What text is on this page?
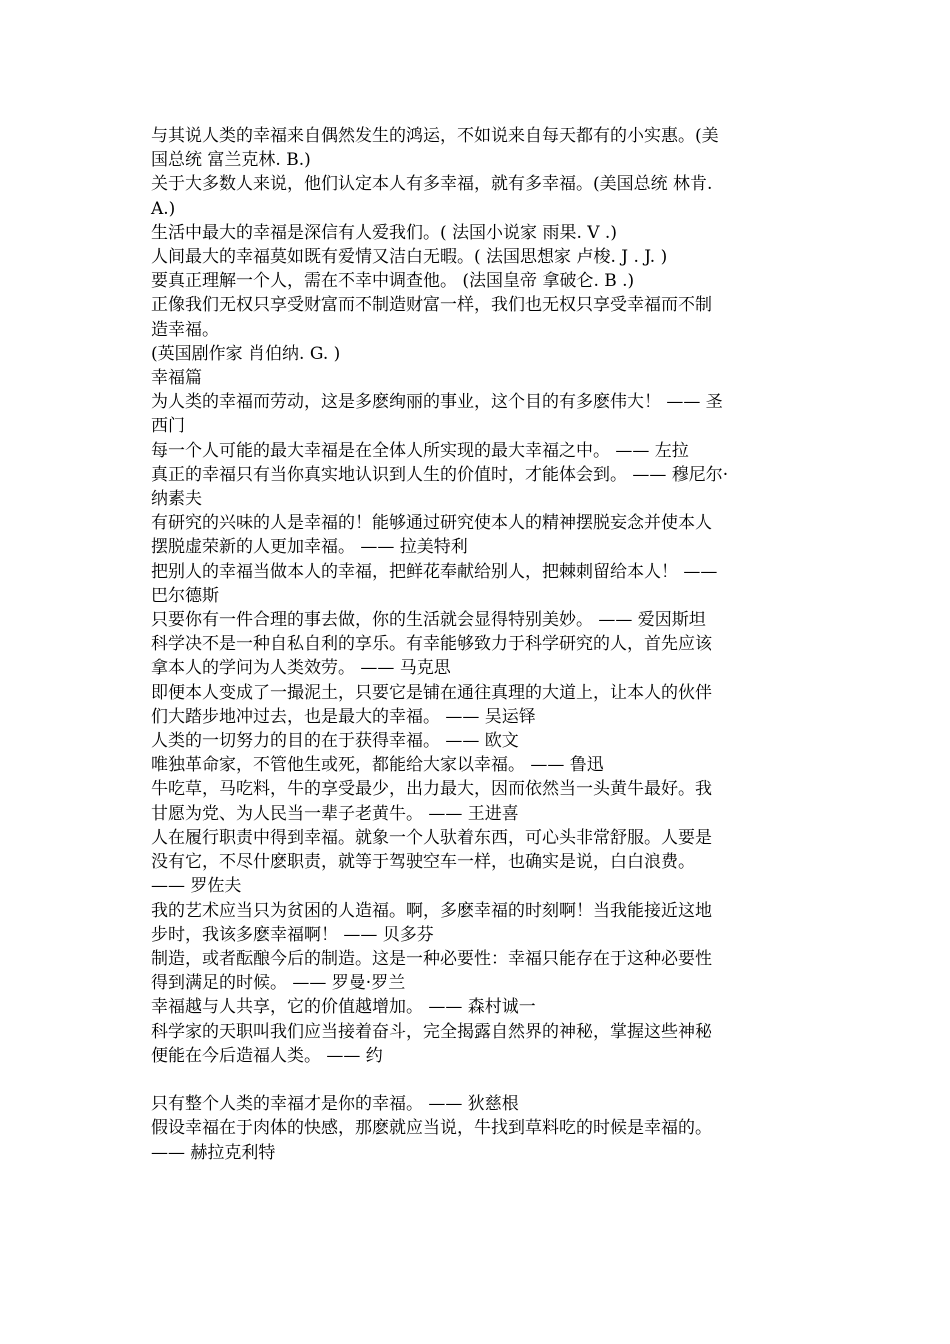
与其说人类的幸福来自偶然发生的鸿运，不如说来自每天都有的小实惠。(美
国总统 富兰克林. B.)

关于大多数人来说，他们认定本人有多幸福，就有多幸福。(美国总统 林肯.
A.)

生活中最大的幸福是深信有人爱我们。( 法国小说家 雨果. V .)

人间最大的幸福莫如既有爱情又洁白无暇。( 法国思想家 卢梭. J . J. )

要真正理解一个人，需在不幸中调查他。 (法国皇帝 拿破仑. B .)

正像我们无权只享受财富而不制造财富一样，我们也无权只享受幸福而不制
造幸福。

(英国剧作家 肖伯纳. G. )

幸福篇

为人类的幸福而劳动，这是多麽绚丽的事业，这个目的有多麽伟大！ —— 圣
西门

每一个人可能的最大幸福是在全体人所实现的最大幸福之中。 —— 左拉

真正的幸福只有当你真实地认识到人生的价值时，才能体会到。 —— 穆尼尔·
纳素夫

有研究的兴味的人是幸福的！能够通过研究使本人的精神摆脱妄念并使本人
摆脱虚荣新的人更加幸福。 —— 拉美特利

把别人的幸福当做本人的幸福，把鲜花奉献给别人，把棘刺留给本人！ ——
巴尔德斯

只要你有一件合理的事去做，你的生活就会显得特别美妙。 —— 爱因斯坦

科学决不是一种自私自利的享乐。有幸能够致力于科学研究的人，首先应该
拿本人的学问为人类效劳。 —— 马克思

即便本人变成了一撮泥土，只要它是铺在通往真理的大道上，让本人的伙伴
们大踏步地冲过去，也是最大的幸福。 —— 吴运铎

人类的一切努力的目的在于获得幸福。 —— 欧文

唯独革命家，不管他生或死，都能给大家以幸福。 —— 鲁迅

牛吃草，马吃料，牛的享受最少，出力最大，因而依然当一头黄牛最好。我
甘愿为党、为人民当一辈子老黄牛。 —— 王进喜

人在履行职责中得到幸福。就象一个人驮着东西，可心头非常舒服。人要是
没有它，不尽什麽职责，就等于驾驶空车一样，也确实是说，白白浪费。
—— 罗佐夫

我的艺术应当只为贫困的人造福。啊，多麽幸福的时刻啊！当我能接近这地
步时，我该多麽幸福啊！ —— 贝多芬

制造，或者酝酿今后的制造。这是一种必要性：幸福只能存在于这种必要性
得到满足的时候。 —— 罗曼·罗兰

幸福越与人共享，它的价值越增加。 —— 森村诚一

科学家的天职叫我们应当接着奋斗，完全揭露自然界的神秘，掌握这些神秘
便能在今后造福人类。 —— 约

只有整个人类的幸福才是你的幸福。 —— 狄慈根

假设幸福在于肉体的快感，那麽就应当说，牛找到草料吃的时候是幸福的。
—— 赫拉克利特
